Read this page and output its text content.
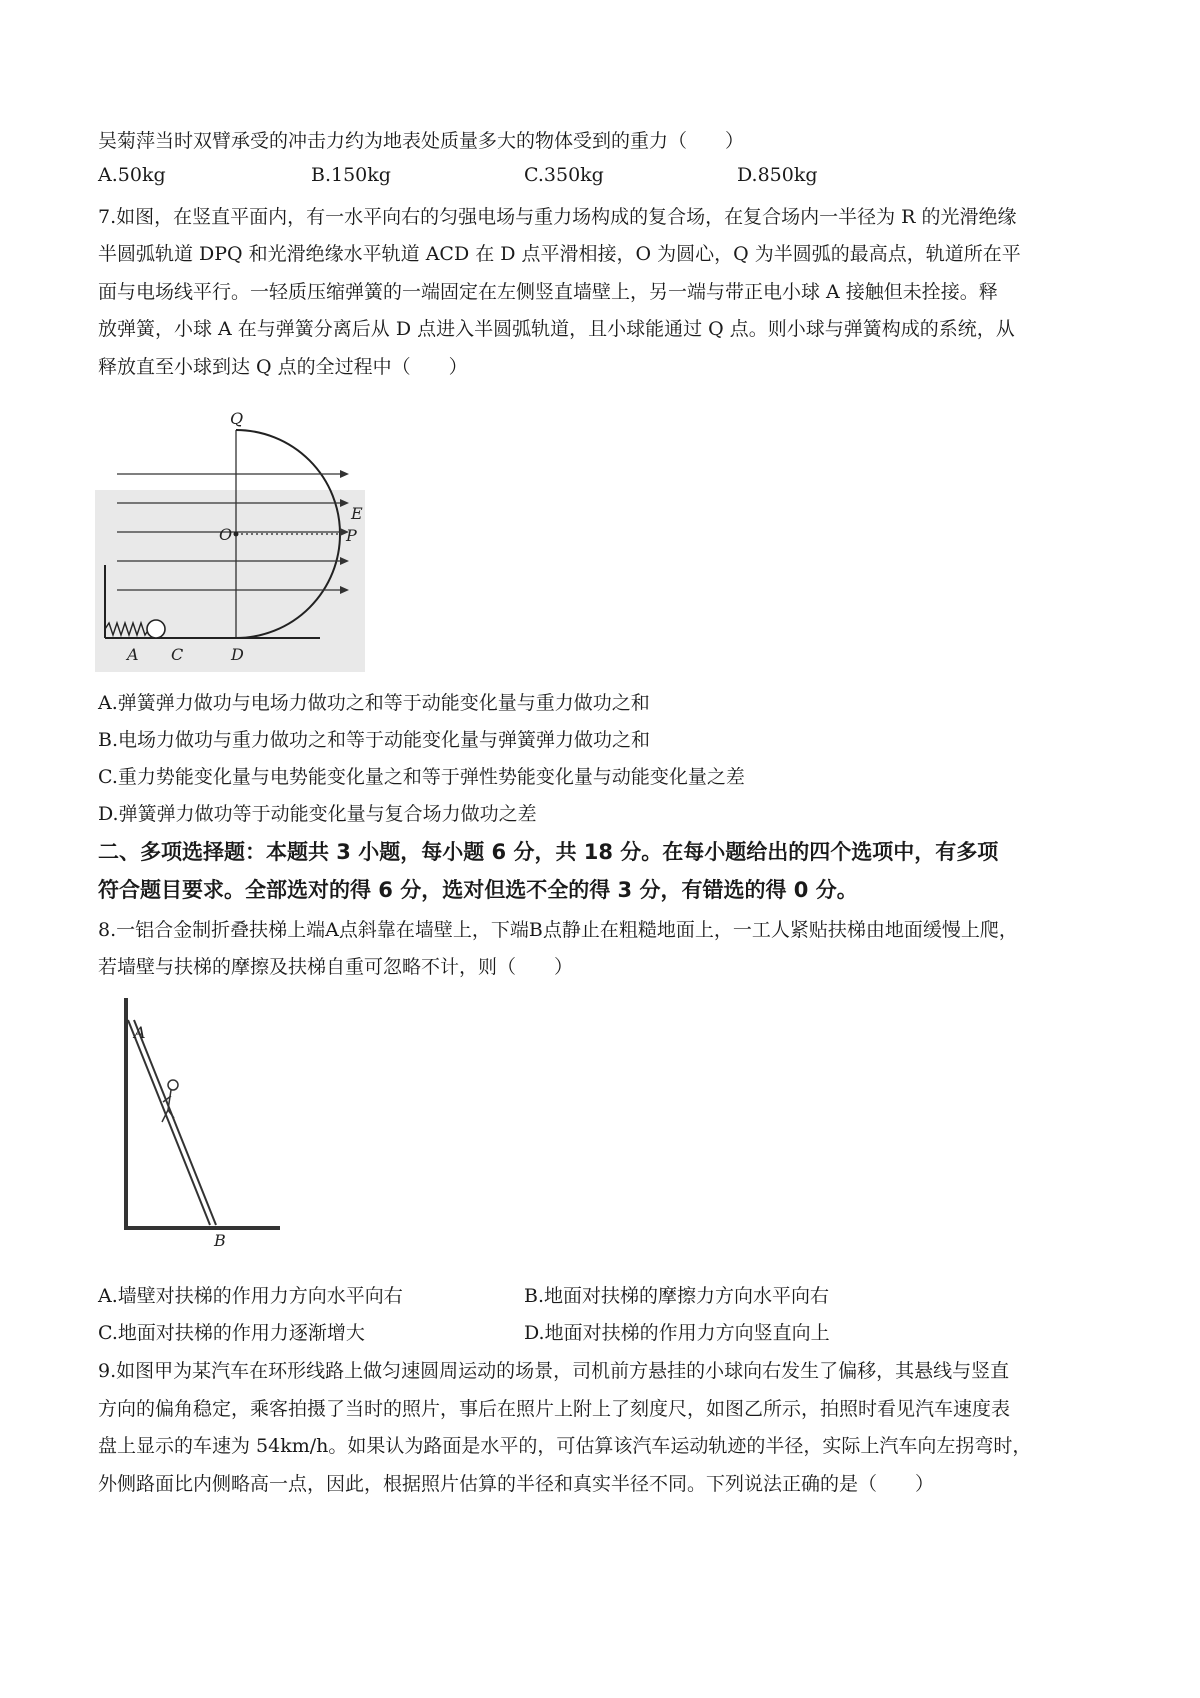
吴菊萍当时双臂承受的冲击力约为地表处质量多大的物体受到的重力（　　）
A.50kg	B.150kg	C.350kg	D.850kg
7.如图，在竖直平面内，有一水平向右的匀强电场与重力场构成的复合场，在复合场内一半径为 R 的光滑绝缘
半圆弧轨道 DPQ 和光滑绝缘水平轨道 ACD 在 D 点平滑相接，O 为圆心，Q 为半圆弧的最高点，轨道所在平
面与电场线平行。一轻质压缩弹簧的一端固定在左侧竖直墙壁上，另一端与带正电小球 A 接触但未拴接。释
放弹簧，小球 A 在与弹簧分离后从 D 点进入半圆弧轨道，且小球能通过 Q 点。则小球与弹簧构成的系统，从
释放直至小球到达 Q 点的全过程中（　　）
Q
E
O	P
A C	D
A.弹簧弹力做功与电场力做功之和等于动能变化量与重力做功之和
B.电场力做功与重力做功之和等于动能变化量与弹簧弹力做功之和
C.重力势能变化量与电势能变化量之和等于弹性势能变化量与动能变化量之差
D.弹簧弹力做功等于动能变化量与复合场力做功之差
二、多项选择题：本题共 3 小题，每小题 6 分，共 18 分。在每小题给出的四个选项中，有多项
符合题目要求。全部选对的得 6 分，选对但选不全的得 3 分，有错选的得 0 分。
8.一铝合金制折叠扶梯上端A点斜靠在墙壁上，下端B点静止在粗糙地面上，一工人紧贴扶梯由地面缓慢上爬，
若墙壁与扶梯的摩擦及扶梯自重可忽略不计，则（　　）
A
B
A.墙壁对扶梯的作用力方向水平向右	B.地面对扶梯的摩擦力方向水平向右
C.地面对扶梯的作用力逐渐增大	D.地面对扶梯的作用力方向竖直向上
9.如图甲为某汽车在环形线路上做匀速圆周运动的场景，司机前方悬挂的小球向右发生了偏移，其悬线与竖直
方向的偏角稳定，乘客拍摄了当时的照片，事后在照片上附上了刻度尺，如图乙所示，拍照时看见汽车速度表
盘上显示的车速为 54km/h。如果认为路面是水平的，可估算该汽车运动轨迹的半径，实际上汽车向左拐弯时，
外侧路面比内侧略高一点，因此，根据照片估算的半径和真实半径不同。下列说法正确的是（　　）
